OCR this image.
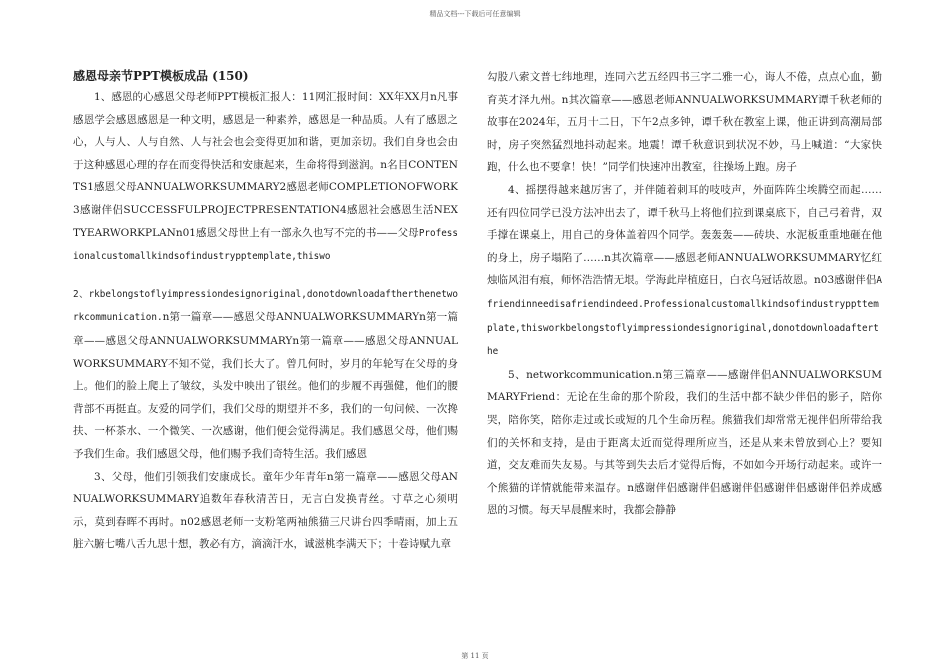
精品文档---下载后可任意编辑

感恩母亲节PPT模板成品 (150)

1、感恩的心感恩父母老师PPT模板汇报人：11网汇报时间：XX年XX月n凡事感恩学会感恩感恩是一种文明，感恩是一种素养，感恩是一种品质。人有了感恩之心，人与人、人与自然、人与社会也会变得更加和谐，更加亲切。我们自身也会由于这种感恩心理的存在而变得快活和安康起来，生命将得到滋润。n名目CONTENTS1感恩父母ANNUALWORKSUMMARY2感恩老师COMPLETIONOFWORK3感谢伴侣SUCCESSFULPROJECTPRESENTATION4感恩社会感恩生活NEXTYEARWORKPLANn01感恩父母世上有一部永久也写不完的书——父母Professionalcustomallkindsofindustrypptemplate,thiswo

2、rkbelongstoflyimpressiondesignoriginal,donotdownloadaftherthenetworkcommunication.n第一篇章——感恩父母ANNUALWORKSUMMARYn第一篇章——感恩父母ANNUALWORKSUMMARYn第一篇章——感恩父母ANNUALWORKSUMMARY不知不觉，我们长大了。曾几何时，岁月的年轮写在父母的身上。他们的脸上爬上了皱纹，头发中映出了银丝。他们的步履不再强健，他们的腰背部不再挺直。友爱的同学们，我们父母的期望并不多，我们的一句问候、一次搀扶、一杯茶水、一个微笑、一次感谢，他们便会觉得满足。我们感恩父母，他们赐予我们生命。我们感恩父母，他们赐予我们奇特生活。我们感恩

3、父母，他们引领我们安康成长。童年少年青年n第一篇章——感恩父母ANNUALWORKSUMMARY追数年春秋清苦日，无言白发换青丝。寸草之心须明示，莫到春晖不再时。n02感恩老师一支粉笔两袖熊猫三尺讲台四季晴雨，加上五脏六腑七嘴八舌九思十想，教必有方，滴滴汗水，诚滋桃李满天下；十卷诗赋九章

勾股八索文普七纬地理，连同六艺五经四书三字二雅一心，诲人不倦，点点心血，勤育英才泽九州。n其次篇章——感恩老师ANNUALWORKSUMMARY谭千秋老师的故事在2024年，五月十二日，下午2点多钟，谭千秋在教室上课，他正讲到高潮局部时，房子突然猛烈地抖动起来。地震！谭千秋意识到状况不妙，马上喊道：“大家快跑，什么也不要拿！快！”同学们快速冲出教室，往操场上跑。房子

4、摇摆得越来越厉害了，并伴随着刺耳的吱吱声，外面阵阵尘埃腾空而起……还有四位同学已没方法冲出去了，谭千秋马上将他们拉到课桌底下，自己弓着背，双手撑在课桌上，用自己的身体盖着四个同学。轰轰轰——砖块、水泥板重重地砸在他的身上，房子塌陷了……n其次篇章——感恩老师ANNUALWORKSUMMARY忆红烛临风泪有痕，师怀浩浩情无垠。学海此岸植庭日，白衣乌冠话故恩。n03感谢伴侣Afriendinneedisafriendindeed.Professionalcustomallkindsofindustryppttemplate,thisworkbelongstoflyimpressiondesignoriginal,donotdownloadafterthe

5、networkcommunication.n第三篇章——感谢伴侣ANNUALWORKSUMMARYFriend：无论在生命的那个阶段，我们的生活中都不缺少伴侣的影子，陪你哭，陪你笑，陪你走过或长或短的几个生命历程。熊猫我们却常常无视伴侣所带给我们的关怀和支持，是由于距离太近而觉得理所应当，还是从来未曾放到心上？要知道，交友难而失友易。与其等到失去后才觉得后悔，不如如今开场行动起来。或许一个熊猫的详情就能带来温存。n感谢伴侣感谢伴侣感谢伴侣感谢伴侣感谢伴侣养成感恩的习惯。每天早晨醒来时，我都会静静

第 11 页
